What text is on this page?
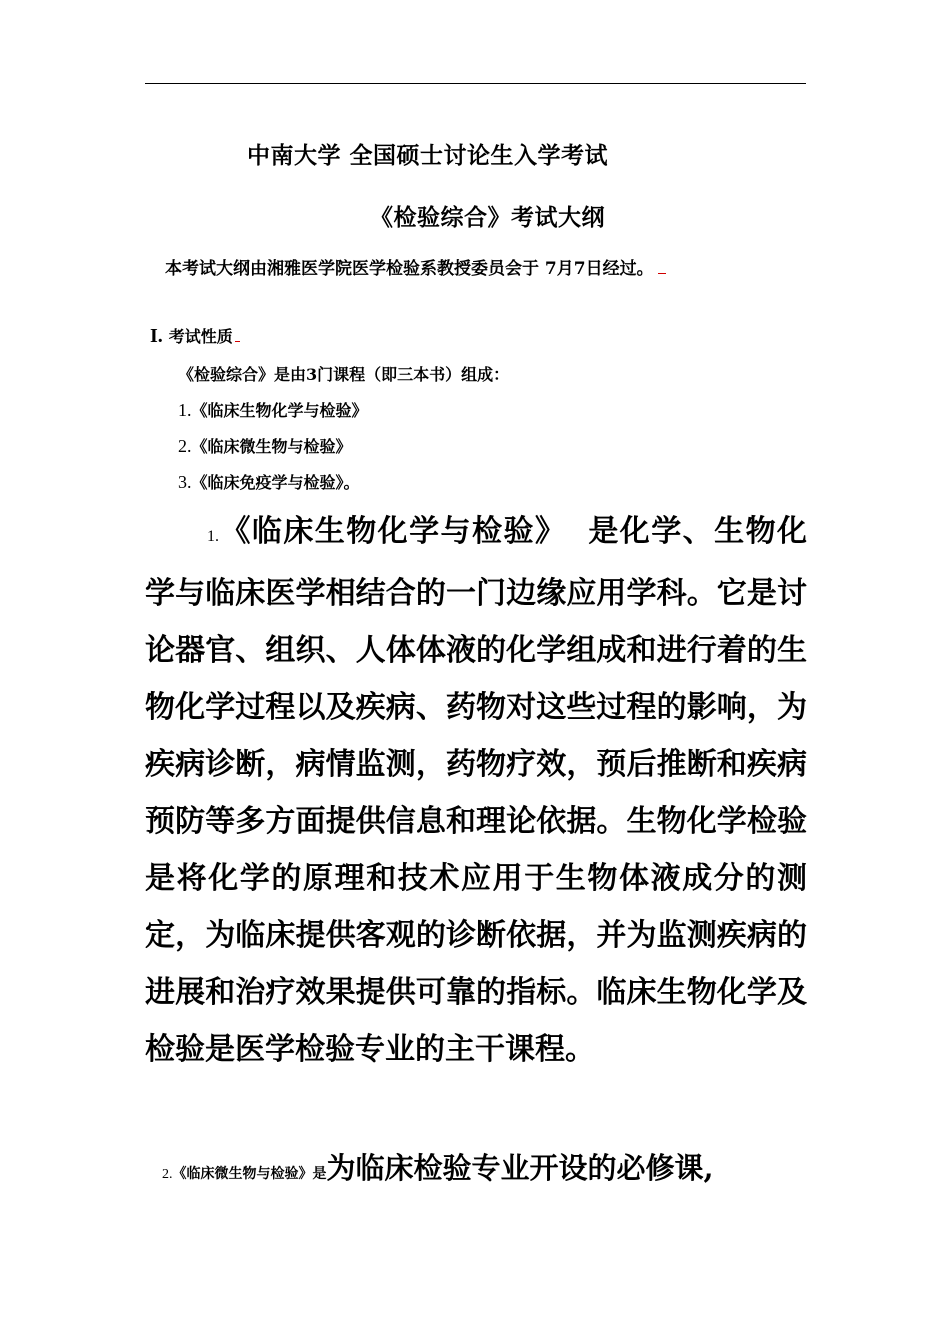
中南大学 全国硕士讨论生入学考试
《检验综合》考试大纲
本考试大纲由湘雅医学院医学检验系教授委员会于 7月7日经过。
I. 考试性质
《检验综合》是由3门课程（即三本书）组成：
1.《临床生物化学与检验》
2.《临床微生物与检验》
3.《临床免疫学与检验》。
1.《临床生物化学与检验》 是化学、生物化学与临床医学相结合的一门边缘应用学科。它是讨论器官、组织、人体体液的化学组成和进行着的生物化学过程以及疾病、药物对这些过程的影响，为疾病诊断，病情监测，药物疗效，预后推断和疾病预防等多方面提供信息和理论依据。生物化学检验是将化学的原理和技术应用于生物体液成分的测定，为临床提供客观的诊断依据，并为监测疾病的进展和治疗效果提供可靠的指标。临床生物化学及检验是医学检验专业的主干课程。
2.《临床微生物与检验》是为临床检验专业开设的必修课,
